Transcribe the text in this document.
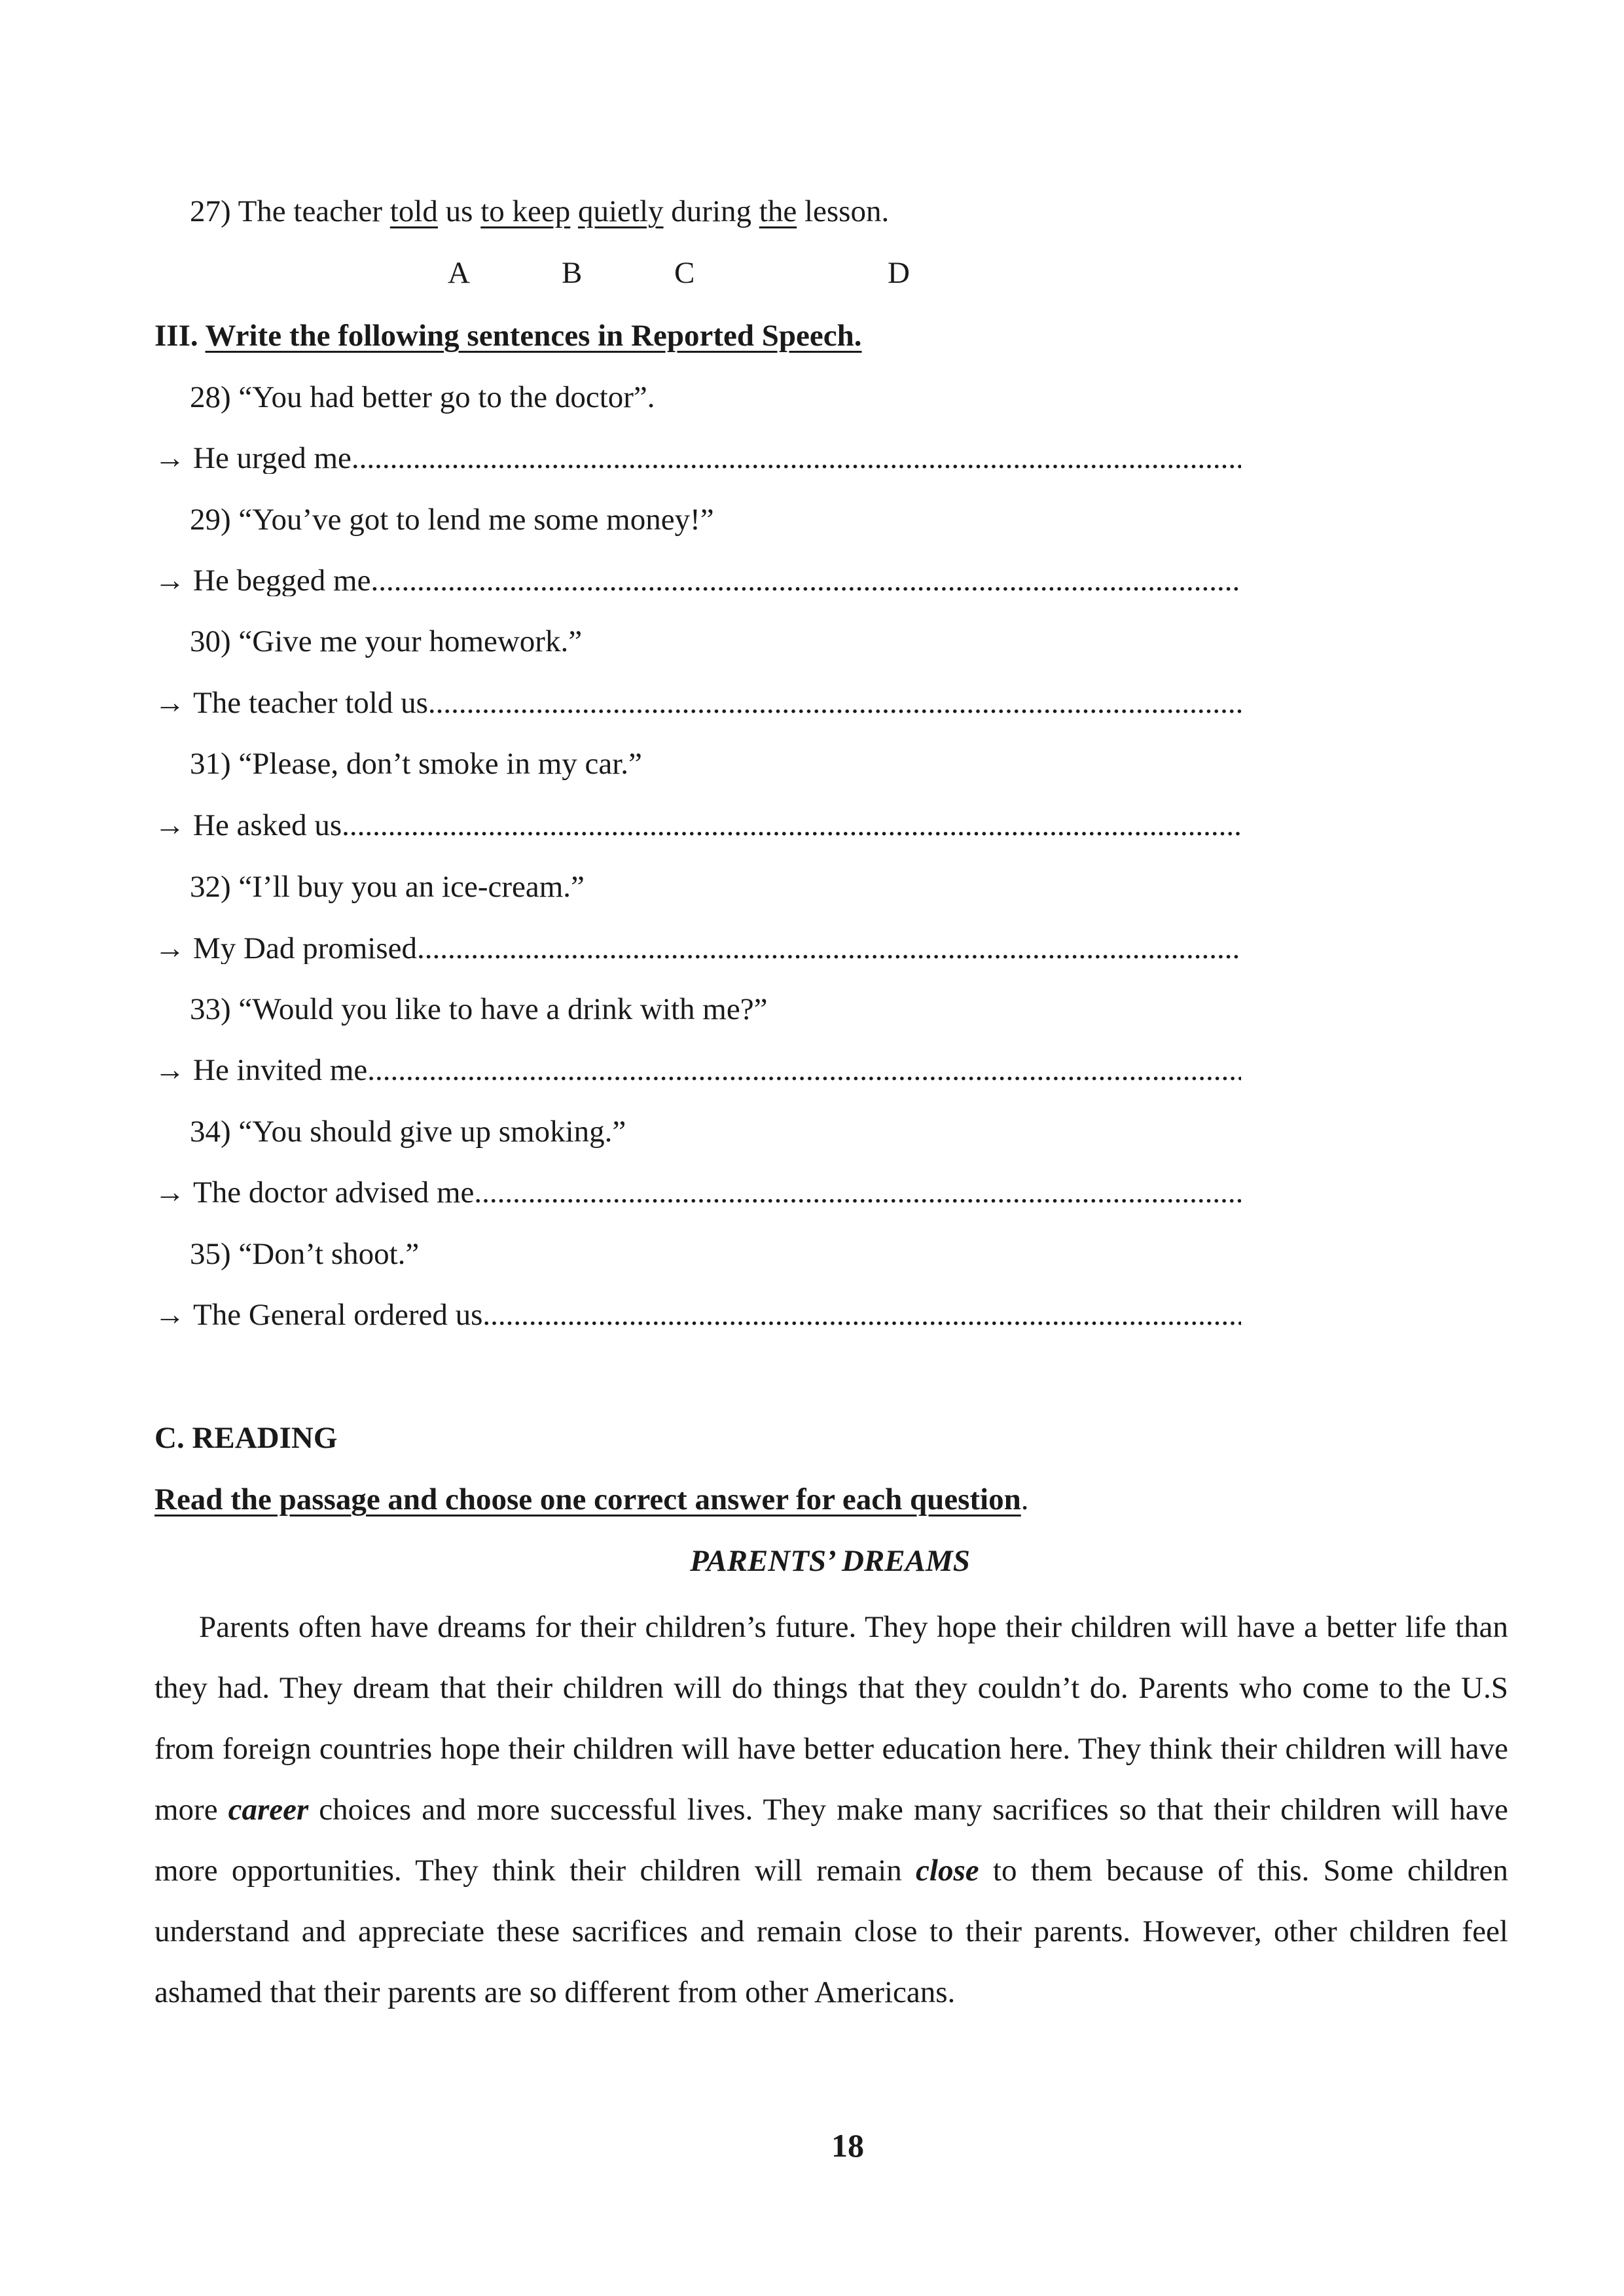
27) The teacher told us to keep quietly during the lesson.
A	B	C	D
III. Write the following sentences in Reported Speech.
28) “You had better go to the doctor”.
→ He urged me .....
29) “You’ve got to lend me some money!”
→ He begged me .....
30) “Give me your homework.”
→ The teacher told us .....
31) “Please, don’t smoke in my car.”
→ He asked us .....
32) “I’ll buy you an ice-cream.”
→ My Dad promised .....
33) “Would you like to have a drink with me?”
→ He invited me .....
34) “You should give up smoking.”
→ The doctor advised me .....
35) “Don’t shoot.”
→ The General ordered us .....
C. READING
Read the passage and choose one correct answer for each question.
PARENTS’ DREAMS
Parents often have dreams for their children’s future. They hope their children will have a better life than they had. They dream that their children will do things that they couldn’t do. Parents who come to the U.S from foreign countries hope their children will have better education here. They think their children will have more career choices and more successful lives. They make many sacrifices so that their children will have more opportunities. They think their children will remain close to them because of this. Some children understand and appreciate these sacrifices and remain close to their parents. However, other children feel ashamed that their parents are so different from other Americans.
18
